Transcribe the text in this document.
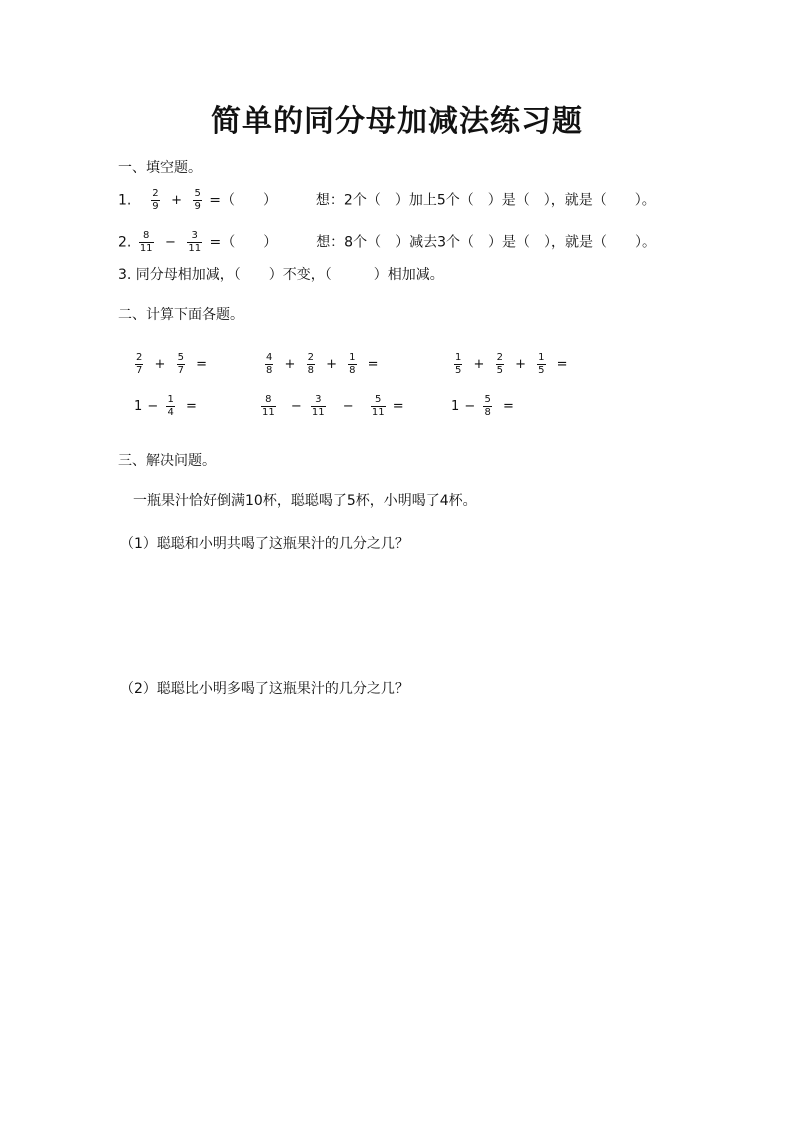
简单的同分母加减法练习题
一、填空题。
1. $\frac{2}{9} + \frac{5}{9}$ =（　　）	想：2个（　）加上5个（　）是（　），就是（　　）。
2. $\frac{8}{11} - \frac{3}{11}$ =（　　）	想：8个（　）减去3个（　）是（　），就是（　　）。
3. 同分母相加减，（　　）不变，（　　　）相加减。
二、计算下面各题。
$\frac{2}{7} + \frac{5}{7}$ =	$\frac{4}{8} + \frac{2}{8} + \frac{1}{8}$ =	$\frac{1}{5} + \frac{2}{5} + \frac{1}{5}$ =
$1 - \frac{1}{4}$ =	$\frac{8}{11} - \frac{3}{11} - \frac{5}{11}$ =	$1 - \frac{5}{8}$ =
三、解决问题。
一瓶果汁恰好倒满10杯，聪聪喝了5杯，小明喝了4杯。
（1）聪聪和小明共喝了这瓶果汁的几分之几？
（2）聪聪比小明多喝了这瓶果汁的几分之几？
